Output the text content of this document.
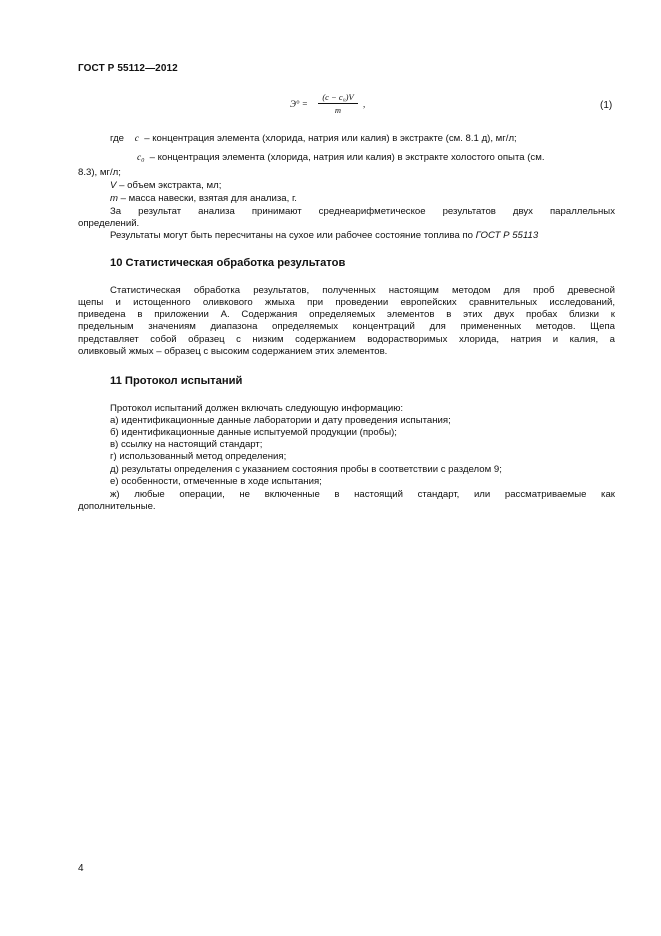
ГОСТ Р 55112—2012
Э° =
(c − c₀)V
m
,	(1)
где c – концентрация элемента (хлорида, натрия или калия) в экстракте (см. 8.1 д), мг/л;
$c_0$ – концентрация элемента (хлорида, натрия или калия) в экстракте холостого опыта (см.
8.3), мг/л;
V – объем экстракта, мл;
m – масса навески, взятая для анализа, г.
За результат анализа принимают среднеарифметическое результатов двух параллельных
определений.
Результаты могут быть пересчитаны на сухое или рабочее состояние топлива по ГОСТ Р 55113
10 Статистическая обработка результатов
Статистическая обработка результатов, полученных настоящим методом для проб древесной
щепы и истощенного оливкового жмыха при проведении европейских сравнительных исследований,
приведена в приложении А. Содержания определяемых элементов в этих двух пробах близки к
предельным значениям диапазона определяемых концентраций для примененных методов. Щепа
представляет собой образец с низким содержанием водорастворимых хлорида, натрия и калия, а
оливковый жмых – образец с высоким содержанием этих элементов.
11 Протокол испытаний
Протокол испытаний должен включать следующую информацию:
а) идентификационные данные лаборатории и дату проведения испытания;
б) идентификационные данные испытуемой продукции (пробы);
в) ссылку на настоящий стандарт;
г) использованный метод определения;
д) результаты определения с указанием состояния пробы в соответствии с разделом 9;
е) особенности, отмеченные в ходе испытания;
ж) любые операции, не включенные в настоящий стандарт, или рассматриваемые как
дополнительные.
4
